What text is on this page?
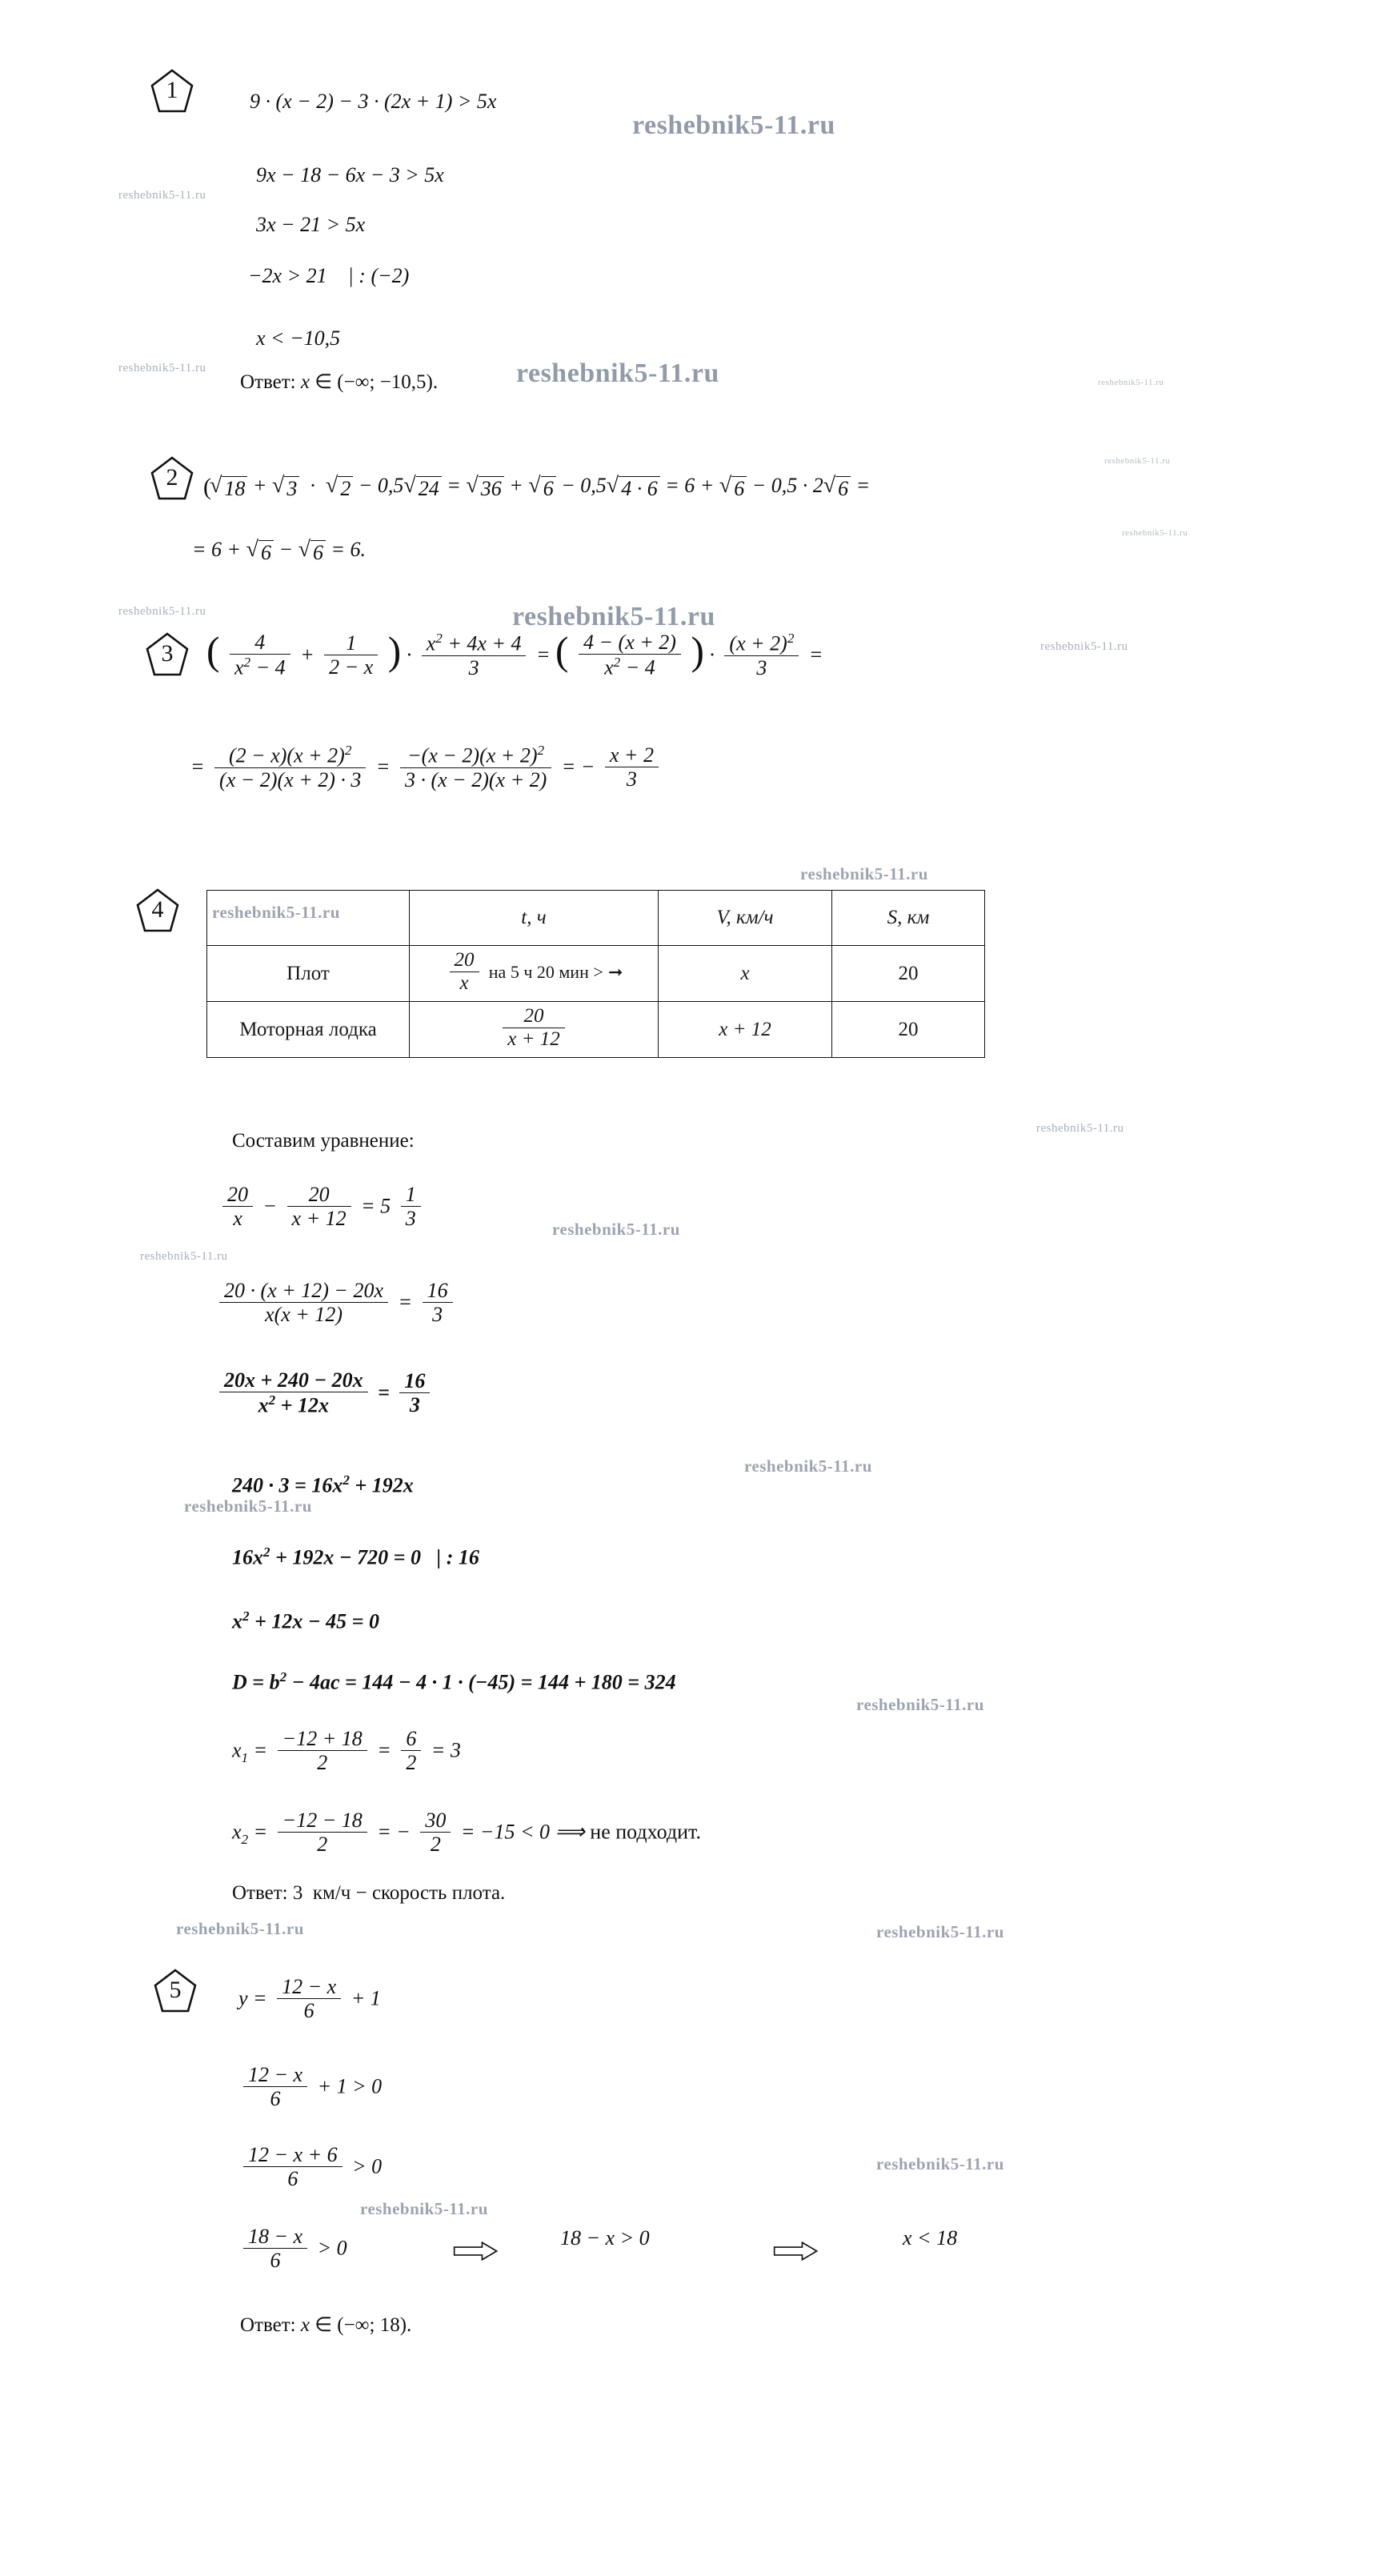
reshebnik5-11.ru
reshebnik5-11.ru
reshebnik5-11.ru	reshebnik5-11.ru	reshebnik5-11.ru
reshebnik5-11.ru
reshebnik5-11.ru
reshebnik5-11.ru	reshebnik5-11.ru
reshebnik5-11.ru
reshebnik5-11.ru
reshebnik5-11.ru
reshebnik5-11.ru
reshebnik5-11.ru
reshebnik5-11.ru
reshebnik5-11.ru
reshebnik5-11.ru
reshebnik5-11.ru
reshebnik5-11.ru	reshebnik5-11.ru
reshebnik5-11.ru
reshebnik5-11.ru
1	9 · (x − 2) − 3 · (2x + 1) > 5x
9x − 18 − 6x − 3 > 5x
3x − 21 > 5x
−2x > 21    | : (−2)
x < −10,5
Ответ: x ∈ (−∞; −10,5).
2 √ 18 + √ 3 · √ 2 − 0,5 √ 24 = √ 36 + √ 6 − 0,5 √ 4 · 6 = 6 + √ 6 − 0,5 · 2 √ 6 =
= 6 + √ 6 − √ 6 = 6.
(
3 ( $\frac{4}{x^2 - 4} + \frac{1}{2 - x}$ ) · $\frac{x^2 + 4x + 4}{3}$ = ( $\frac{4 - (x + 2)}{x^2 - 4}$ ) · $\frac{(x + 2)^2}{3}$ =
= $\frac{(2 - x)(x + 2)^2}{(x - 2)(x + 2) \cdot 3} = \frac{-(x - 2)(x + 2)^2}{3 \cdot (x - 2)(x + 2)}$ = − $\frac{x + 2}{3}$
4
		t, ч	V, км/ч	S, км
Плот	$\frac{20}{x}$ на 5 ч 20 мин > ➞	x	20
Моторная лодка	$\frac{20}{x + 12}$	x + 12	20
Составим уравнение:
$\frac{20}{x} - \frac{20}{x + 12} = 5 \frac{1}{3}$
$\frac{20 \cdot (x + 12) - 20x}{x(x + 12)} = \frac{16}{3}$
$\frac{20x + 240 - 20x}{x^2 + 12x} = \frac{16}{3}$
$240 \cdot 3 = 16x^2 + 192x$
$16x^2 + 192x - 720 = 0$   | : 16
$x^2 + 12x - 45 = 0$
$D = b^2 - 4ac = 144 - 4 \cdot 1 \cdot (-45) = 144 + 180 = 324$
$x_1 = \frac{-12 + 18}{2} = \frac{6}{2} = 3$
$x_2 = \frac{-12 - 18}{2}$ = − $\frac{30}{2} = -15 < 0$ ⟹ не подходит.
Ответ: 3  км/ч − скорость плота.
5	$y = \frac{12 - x}{6} + 1$
$\frac{12 - x}{6} + 1 > 0$
$\frac{12 - x + 6}{6} > 0$
$\frac{18 - x}{6} > 0$	18 − x > 0	x < 18
Ответ: x ∈ (−∞; 18).
